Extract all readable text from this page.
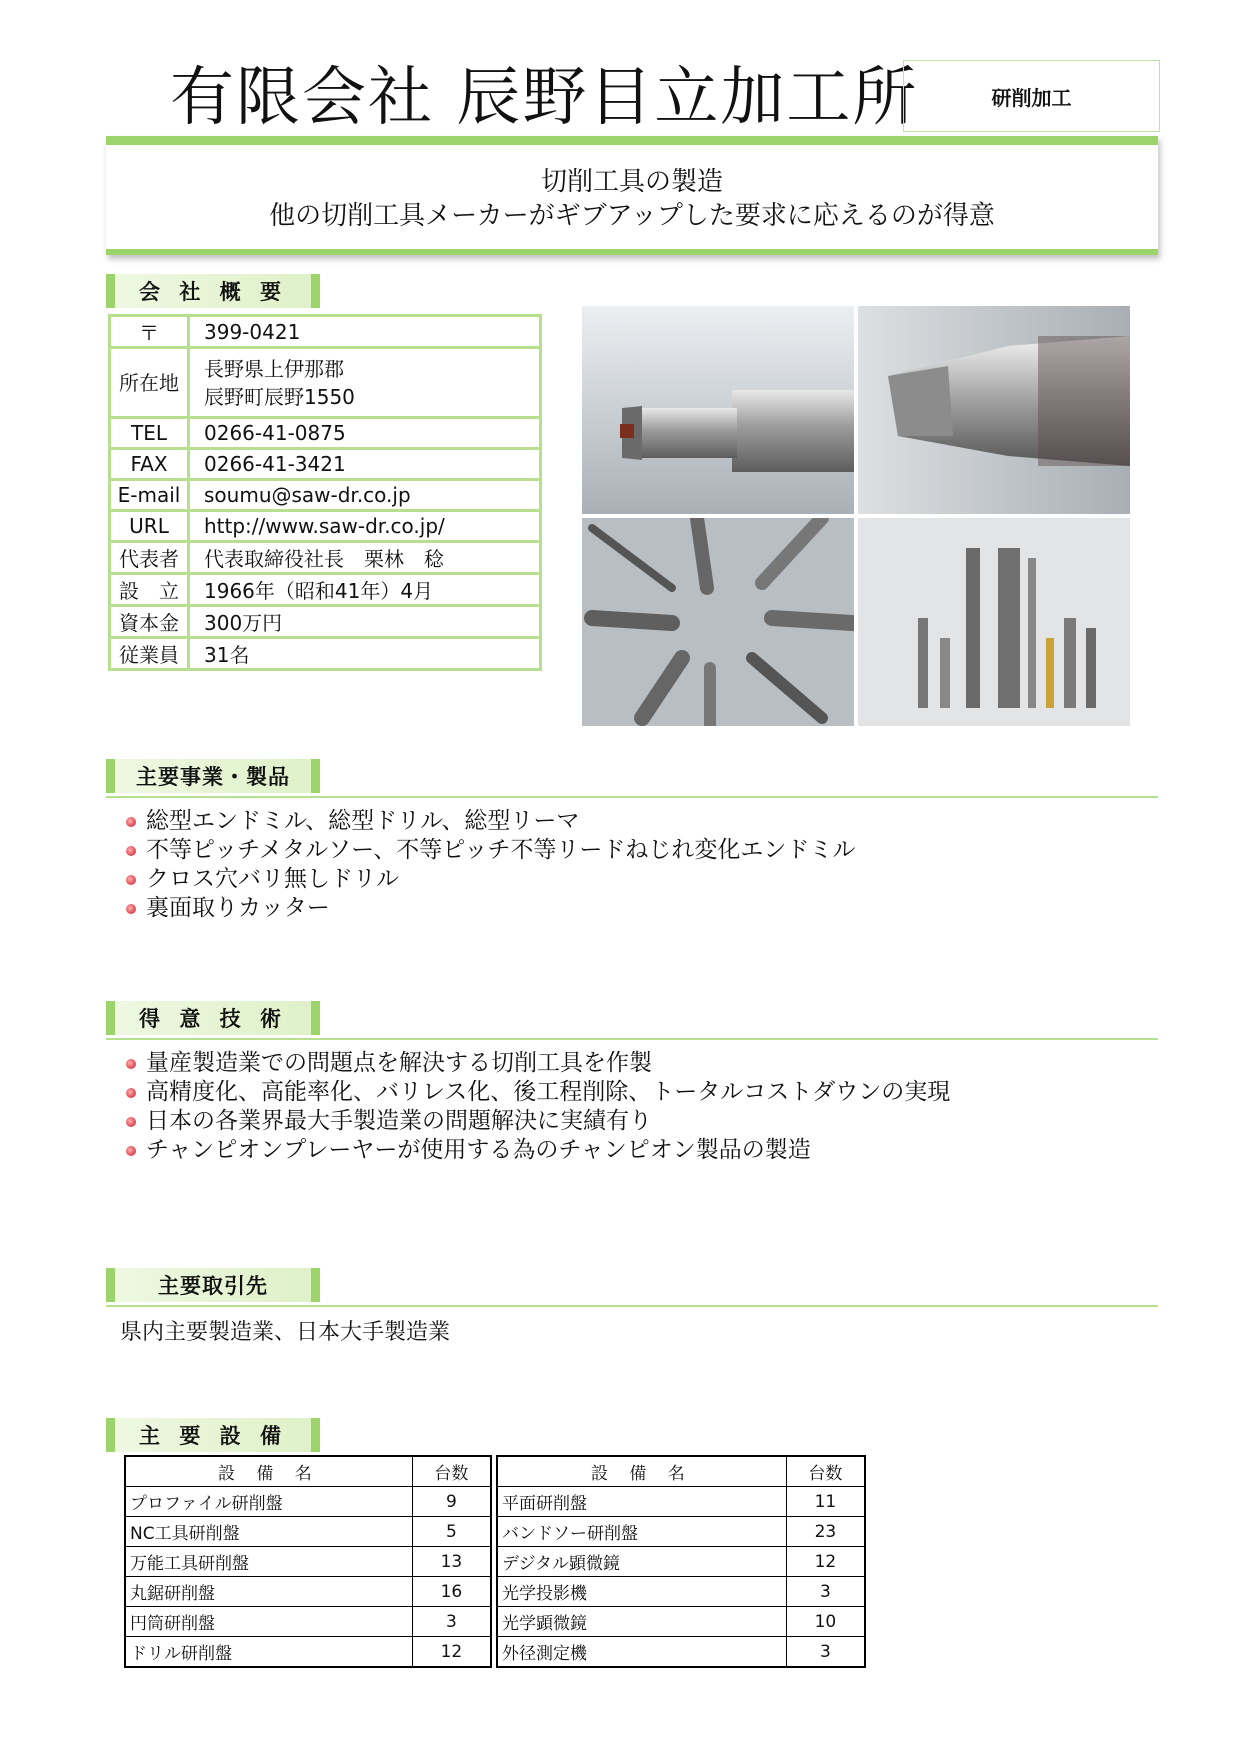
有限会社 辰野目立加工所	研削加工
切削工具の製造
他の切削工具メーカーがギブアップした要求に応えるのが得意
会 社 概 要
〒	399-0421
所在地	長野県上伊那郡
辰野町辰野1550

TEL	0266-41-0875
FAX	0266-41-3421
E-mail	soumu@saw-dr.co.jp
URL	http://www.saw-dr.co.jp/
代表者	代表取締役社長　栗林　稔
設　立	1966年（昭和41年）4月
資本金	300万円
従業員	31名
主要事業・製品
総型エンドミル、総型ドリル、総型リーマ
不等ピッチメタルソー、不等ピッチ不等リードねじれ変化エンドミル
クロス穴バリ無しドリル
裏面取りカッター
得 意 技 術
量産製造業での問題点を解決する切削工具を作製
高精度化、高能率化、バリレス化、後工程削除、トータルコストダウンの実現
日本の各業界最大手製造業の問題解決に実績有り
チャンピオンプレーヤーが使用する為のチャンピオン製品の製造
主要取引先
県内主要製造業、日本大手製造業
主 要 設 備
設 備 名	台数
プロファイル研削盤	9
NC工具研削盤	5
万能工具研削盤	13
丸鋸研削盤	16
円筒研削盤	3
ドリル研削盤	12
設 備 名	台数
平面研削盤	11
バンドソー研削盤	23
デジタル顕微鏡	12
光学投影機	3
光学顕微鏡	10
外径測定機	3
